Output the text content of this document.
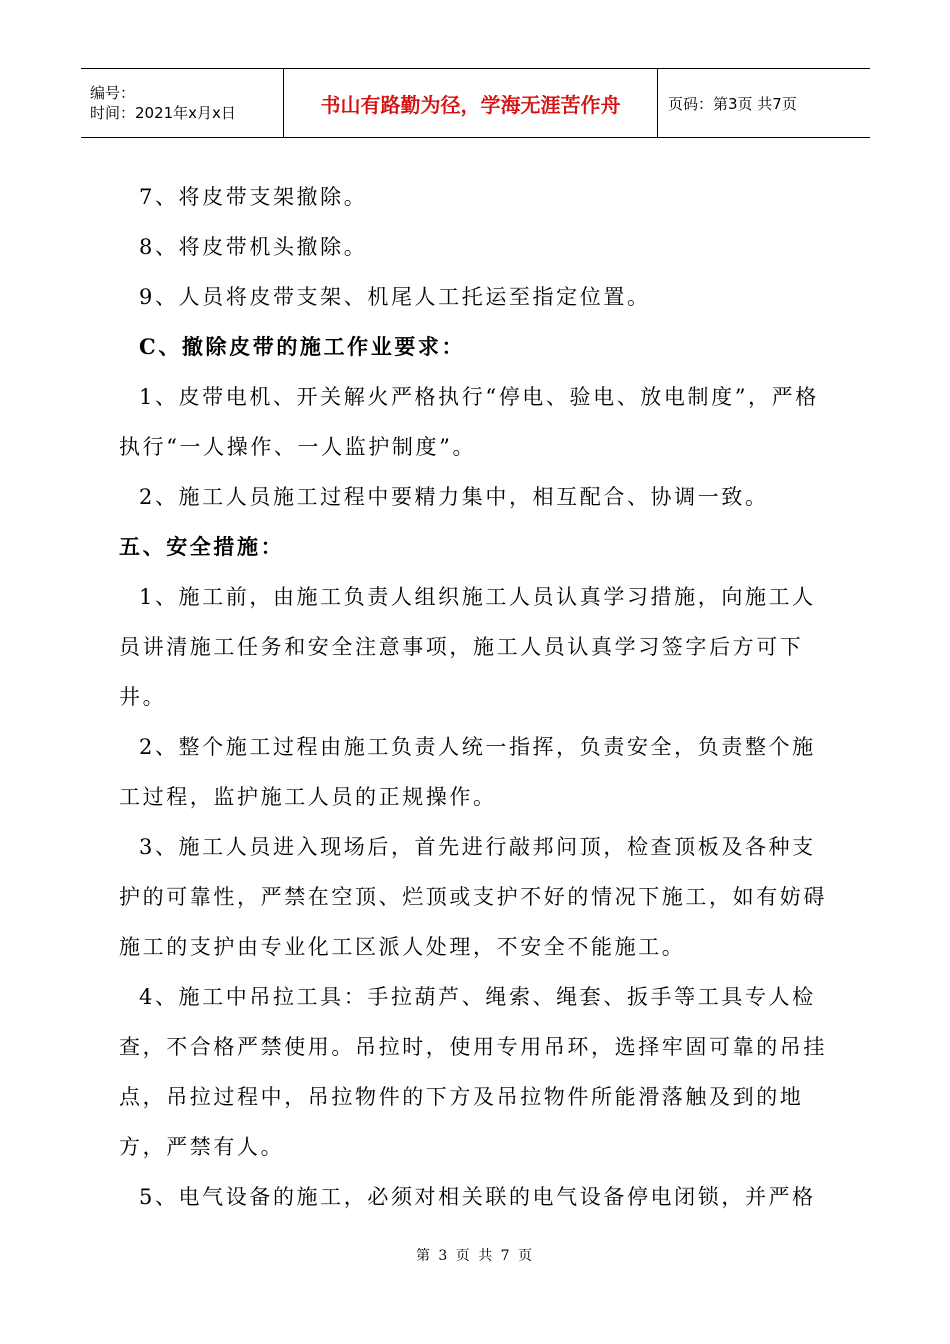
编号：
时间：2021年x月x日	书山有路勤为径，学海无涯苦作舟	页码：第3页 共7页

7、将皮带支架撤除。

8、将皮带机头撤除。

9、人员将皮带支架、机尾人工托运至指定位置。

C、撤除皮带的施工作业要求：

1、皮带电机、开关解火严格执行“停电、验电、放电制度”，严格执行“一人操作、一人监护制度”。

2、施工人员施工过程中要精力集中，相互配合、协调一致。

五、安全措施：

1、施工前，由施工负责人组织施工人员认真学习措施，向施工人员讲清施工任务和安全注意事项，施工人员认真学习签字后方可下井。

2、整个施工过程由施工负责人统一指挥，负责安全，负责整个施工过程，监护施工人员的正规操作。

3、施工人员进入现场后，首先进行敲邦问顶，检查顶板及各种支护的可靠性，严禁在空顶、烂顶或支护不好的情况下施工，如有妨碍施工的支护由专业化工区派人处理，不安全不能施工。

4、施工中吊拉工具：手拉葫芦、绳索、绳套、扳手等工具专人检查，不合格严禁使用。吊拉时，使用专用吊环，选择牢固可靠的吊挂点，吊拉过程中，吊拉物件的下方及吊拉物件所能滑落触及到的地方，严禁有人。

5、电气设备的施工，必须对相关联的电气设备停电闭锁，并严格

第 3 页 共 7 页
